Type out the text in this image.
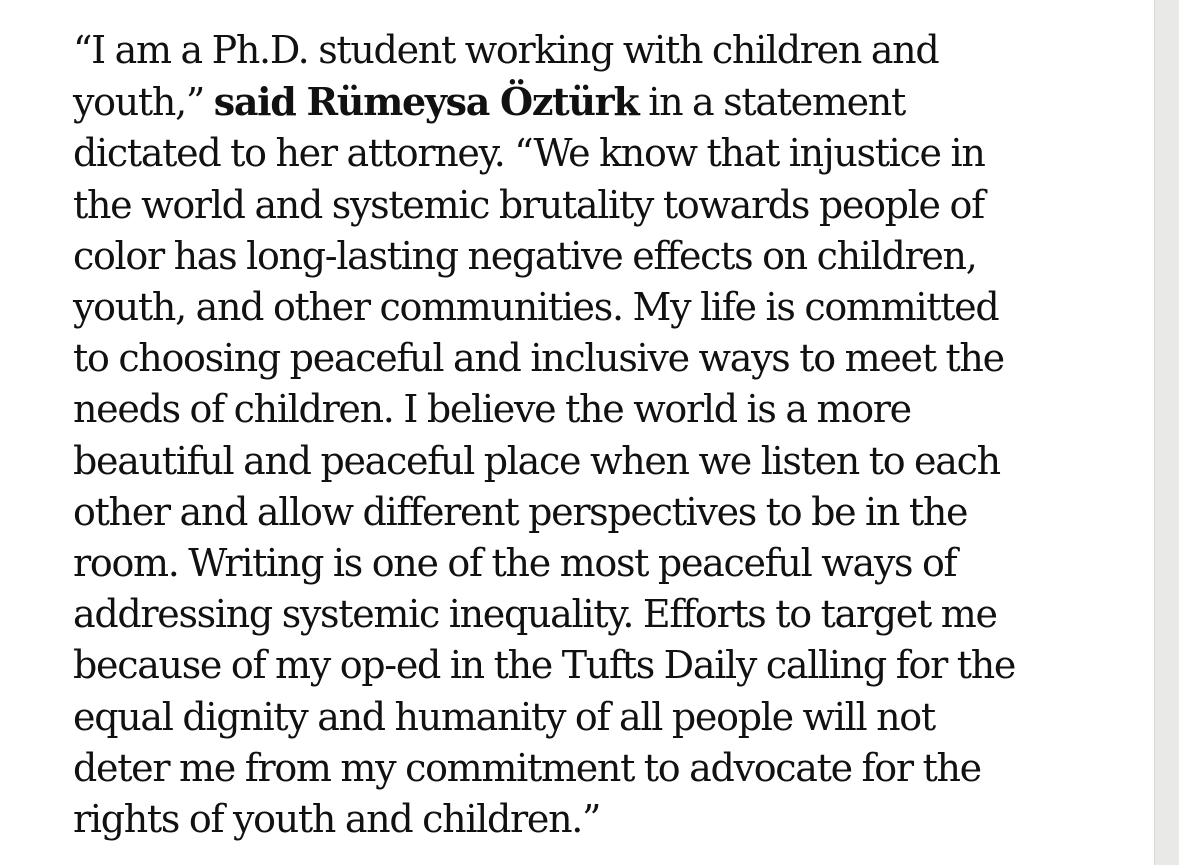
“I am a Ph.D. student working with children and
youth,” said Rümeysa Öztürk in a statement
dictated to her attorney. “We know that injustice in
the world and systemic brutality towards people of
color has long-lasting negative effects on children,
youth, and other communities. My life is committed
to choosing peaceful and inclusive ways to meet the
needs of children. I believe the world is a more
beautiful and peaceful place when we listen to each
other and allow different perspectives to be in the
room. Writing is one of the most peaceful ways of
addressing systemic inequality. Efforts to target me
because of my op-ed in the Tufts Daily calling for the
equal dignity and humanity of all people will not
deter me from my commitment to advocate for the
rights of youth and children.”
